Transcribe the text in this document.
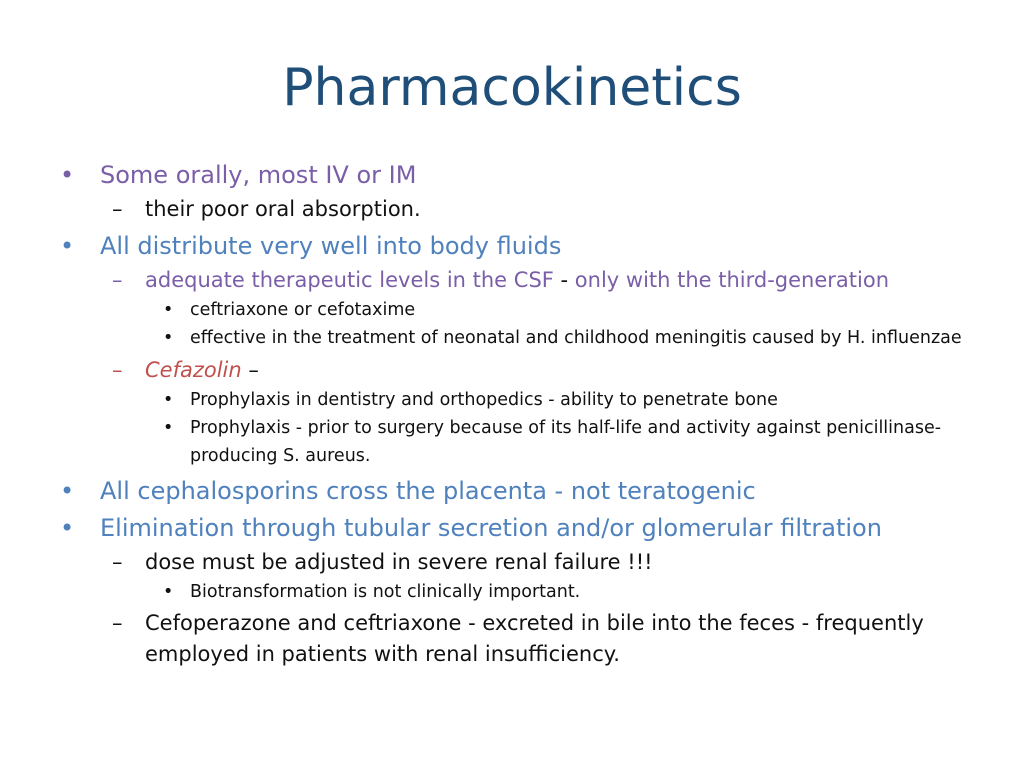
Pharmacokinetics
•	Some orally, most IV or IM
– their poor oral absorption.
•	All distribute very well into body fluids
– adequate therapeutic levels in the CSF - only with the third-generation
• ceftriaxone or cefotaxime
• effective in the treatment of neonatal and childhood meningitis caused by H. influenzae
– Cefazolin –
• Prophylaxis in dentistry and orthopedics - ability to penetrate bone
• Prophylaxis - prior to surgery because of its half-life and activity against penicillinase-producing S. aureus.
•	All cephalosporins cross the placenta - not teratogenic
•	Elimination through tubular secretion and/or glomerular filtration
– dose must be adjusted in severe renal failure !!!
• Biotransformation is not clinically important.
– Cefoperazone and ceftriaxone - excreted in bile into the feces - frequently employed in patients with renal insufficiency.
